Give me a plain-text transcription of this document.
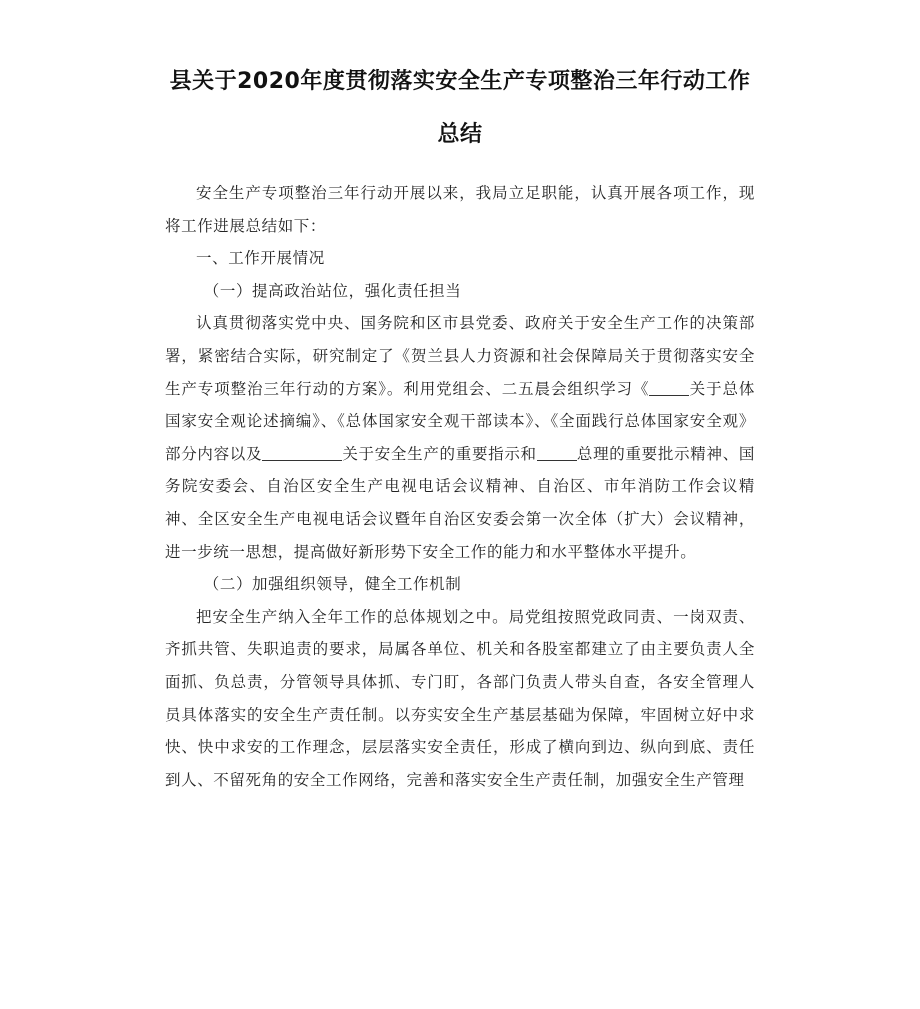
县关于2020年度贯彻落实安全生产专项整治三年行动工作
总结

安全生产专项整治三年行动开展以来，我局立足职能，认真开展各项工作，现将工作进展总结如下：

一、工作开展情况

（一）提高政治站位，强化责任担当

认真贯彻落实党中央、国务院和区市县党委、政府关于安全生产工作的决策部署，紧密结合实际，研究制定了《贺兰县人力资源和社会保障局关于贯彻落实安全生产专项整治三年行动的方案》。利用党组会、二五晨会组织学习《	关于总体国家安全观论述摘编》、《总体国家安全观干部读本》、《全面践行总体国家安全观》部分内容以及	关于安全生产的重要指示和	总理的重要批示精神、国务院安委会、自治区安全生产电视电话会议精神、自治区、市年消防工作会议精神、全区安全生产电视电话会议暨年自治区安委会第一次全体（扩大）会议精神，进一步统一思想，提高做好新形势下安全工作的能力和水平整体水平提升。

（二）加强组织领导，健全工作机制

把安全生产纳入全年工作的总体规划之中。局党组按照党政同责、一岗双责、齐抓共管、失职追责的要求，局属各单位、机关和各股室都建立了由主要负责人全面抓、负总责，分管领导具体抓、专门盯，各部门负责人带头自查，各安全管理人员具体落实的安全生产责任制。以夯实安全生产基层基础为保障，牢固树立好中求快、快中求安的工作理念，层层落实安全责任，形成了横向到边、纵向到底、责任到人、不留死角的安全工作网络，完善和落实安全生产责任制，加强安全生产管理
